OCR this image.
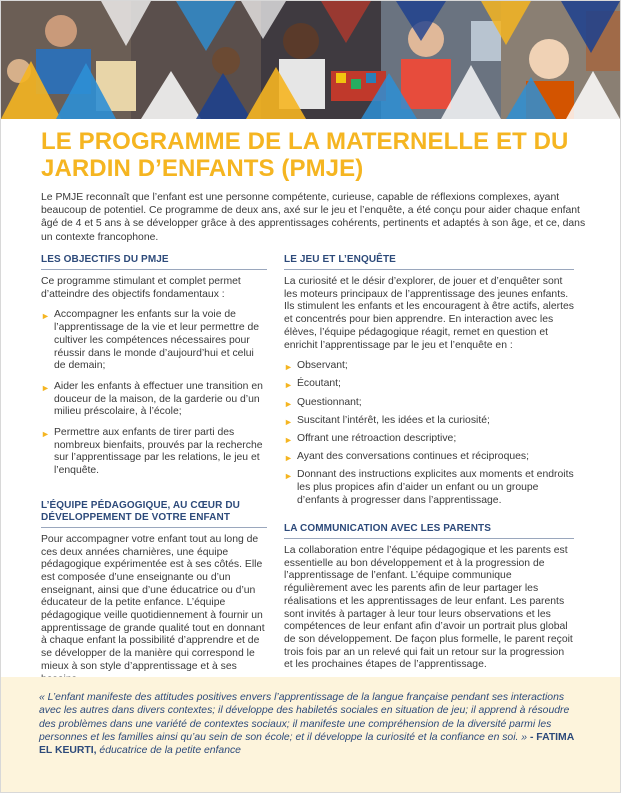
LE PROGRAMME DE LA MATERNELLE ET DU JARDIN D’ENFANTS (PMJE)

Le PMJE reconnaît que l’enfant est une personne compétente, curieuse, capable de réflexions complexes, ayant beaucoup de potentiel. Ce programme de deux ans, axé sur le jeu et l’enquête, a été conçu pour aider chaque enfant âgé de 4 et 5 ans à se développer grâce à des apprentissages cohérents, pertinents et adaptés à son âge, et ce, dans un contexte francophone.

LES OBJECTIFS DU PMJE

Ce programme stimulant et complet permet d’atteindre des objectifs fondamentaux :

► Accompagner les enfants sur la voie de l’apprentissage de la vie et leur permettre de cultiver les compétences nécessaires pour réussir dans le monde d’aujourd’hui et celui de demain;
► Aider les enfants à effectuer une transition en douceur de la maison, de la garderie ou d’un milieu préscolaire, à l’école;
► Permettre aux enfants de tirer parti des nombreux bienfaits, prouvés par la recherche sur l’apprentissage par les relations, le jeu et l’enquête.
L’ÉQUIPE PÉDAGOGIQUE, AU CŒUR DU DÉVELOPPEMENT DE VOTRE ENFANT

Pour accompagner votre enfant tout au long de ces deux années charnières, une équipe pédagogique expérimentée est à ses côtés. Elle est composée d’une enseignante ou d’un enseignant, ainsi que d’une éducatrice ou d’un éducateur de la petite enfance. L’équipe pédagogique veille quotidiennement à fournir un apprentissage de grande qualité tout en donnant à chaque enfant la possibilité d’apprendre et de se développer de la manière qui correspond le mieux à son style d’apprentissage et à ses

LE JEU ET L’ENQUÊTE

La curiosité et le désir d’explorer, de jouer et d’enquêter sont les moteurs principaux de l’apprentissage des jeunes enfants. Ils stimulent les enfants et les encouragent à être actifs, alertes et concentrés pour bien apprendre. En interaction avec les élèves, l’équipe pédagogique réagit, remet en question et enrichit l’apprentissage par le jeu et l’enquête en :

► Observant;
► Écoutant;
► Questionnant;
► Suscitant l’intérêt, les idées et la curiosité;
► Offrant une rétroaction descriptive;
► Ayant des conversations continues et réciproques;
► Donnant des instructions explicites aux moments et endroits les plus propices afin d’aider un enfant ou un groupe d’enfants à progresser dans l’apprentissage.
LA COMMUNICATION AVEC LES PARENTS

La collaboration entre l’équipe pédagogique et les parents est essentielle au bon développement et à la progression de l’apprentissage de l’enfant. L’équipe communique régulièrement avec les parents afin de leur partager les réalisations et les apprentissages de leur enfant. Les parents sont invités à partager à leur tour leurs observations et les compétences de leur enfant afin d’avoir un portrait plus global de son développement. De façon plus formelle, le parent reçoit trois fois par an un relevé qui fait un retour sur la progression et les prochaines étapes de l’apprentissage.

« L’enfant manifeste des attitudes positives envers l’apprentissage de la langue française pendant ses interactions avec les autres dans divers contextes; il développe des habiletés sociales en situation de jeu; il apprend à résoudre des problèmes dans une variété de contextes sociaux; il manifeste une compréhension de la diversité parmi les personnes et les familles ainsi qu’au sein de son école; et il développe la curiosité et la confiance en soi. » - FATIMA EL KEURTI, éducatrice de la petite enfance
